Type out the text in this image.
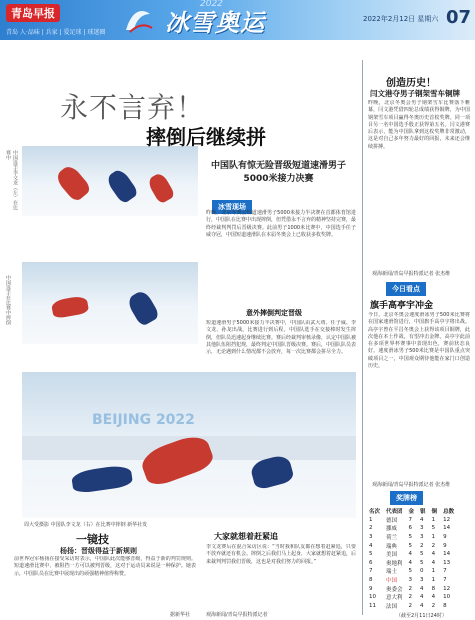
青岛早报
青岛 人·品味 | 兵家 | 爱足球 | 球迷圈
2022
冰雪奥运	2022年2月12日 星期六 07
中国选手李文龙（左）在比赛中
冰雪现场
昨晚，北京冬奥会短道速滑男子5000米接力半决赛在首都体育馆进行，中国队在比赛中出现摔倒，但凭借永不言弃的精神坚持完赛，最终经裁判判罚后晋级决赛。此前男子1000米比赛中，中国选手任子威夺冠，中国短道速滑队在本届冬奥会上已收获多枚奖牌。
中国选手在比赛中摔倒	意外摔倒判定晋级
短道速滑男子5000米接力半决赛中，中国队由武大靖、任子威、李文龙、孙龙出战。比赛进行到后程，中国队选手在交接棒时发生摔倒，但队员迅速起身继续比赛。赛后经裁判审核录像，认定中国队被其他队伍阻挡犯规，最终判定中国队晋级决赛。赛后，中国队队员表示，无论遇到什么情况都不会放弃，每一次比赛都会拼尽全力。
BEIJING 2022
周大受摄影 中国队李文龙（右）在比赛中摔倒 新华社发
大家就想着赶紧追
李文龙赛后在混合采访区说：“当时我和队友都在想着赶紧追，只要不放弃就还有机会。摔倒之后我们马上起身，大家就想着赶紧追，后来裁判判罚我们晋级，这也是对我们努力的回报。”
观海新闻/青岛早报特派记者
一镜技
杨扬：晋级得益于新规则
前世界冠军杨扬在接受采访时表示，中国队此次能够晋级，得益于新的判罚规则。短道速滑比赛中，被阻挡一方可以被判晋级，这对于运动员来说是一种保护。她表示，中国队员在比赛中展现出的顽强精神值得称赞。
据新华社
永不言弃！
摔倒后继续拼
中国队有惊无险晋级短道速滑男子5000米接力决赛
创造历史！
闫文港夺男子钢架雪车铜牌
昨晚，北京冬奥会男子钢架雪车比赛落下帷幕，闫文港凭借四轮总成绩获得铜牌，为中国钢架雪车项目赢得冬奥历史首枚奖牌。同一项目另一名中国选手殷正获得第五名。闫文港赛后表示，能为中国队拿到这枚奖牌非常激动，这是对自己多年努力最好的回报，未来还会继续拼搏。
观海新闻/青岛早报特派记者 张杰维
今日看点
旗手高亭宇冲金
今日，北京冬奥会速度滑冰男子500米比赛将在国家速滑馆进行，中国旗手高亭宇将出战。高亭宇曾在平昌冬奥会上获得该项目铜牌，此次他在本土作战，有望冲击金牌。高亭宇此前在多项世界杯赛事中表现出色，赛前状态良好。速度滑冰男子500米比赛是中国队重点突破项目之一，中国观众期待他能在家门口创造历史。
观海新闻/青岛早报特派记者 张杰维
奖牌榜
名次	代表团	金	银	铜	总数
1	德国	7	4	1	12
2	挪威	6	3	5	14
3	荷兰	5	3	1	9
4	瑞典	5	2	2	9
5	美国	4	5	4	14
6	奥地利	4	5	4	13
7	瑞士	5	0	1	7
8	中国	3	3	1	7
9	奥委会	2	4	8	12
10	意大利	2	4	4	10
11	法国	2	4	2	8
（截至2月11日24时）
